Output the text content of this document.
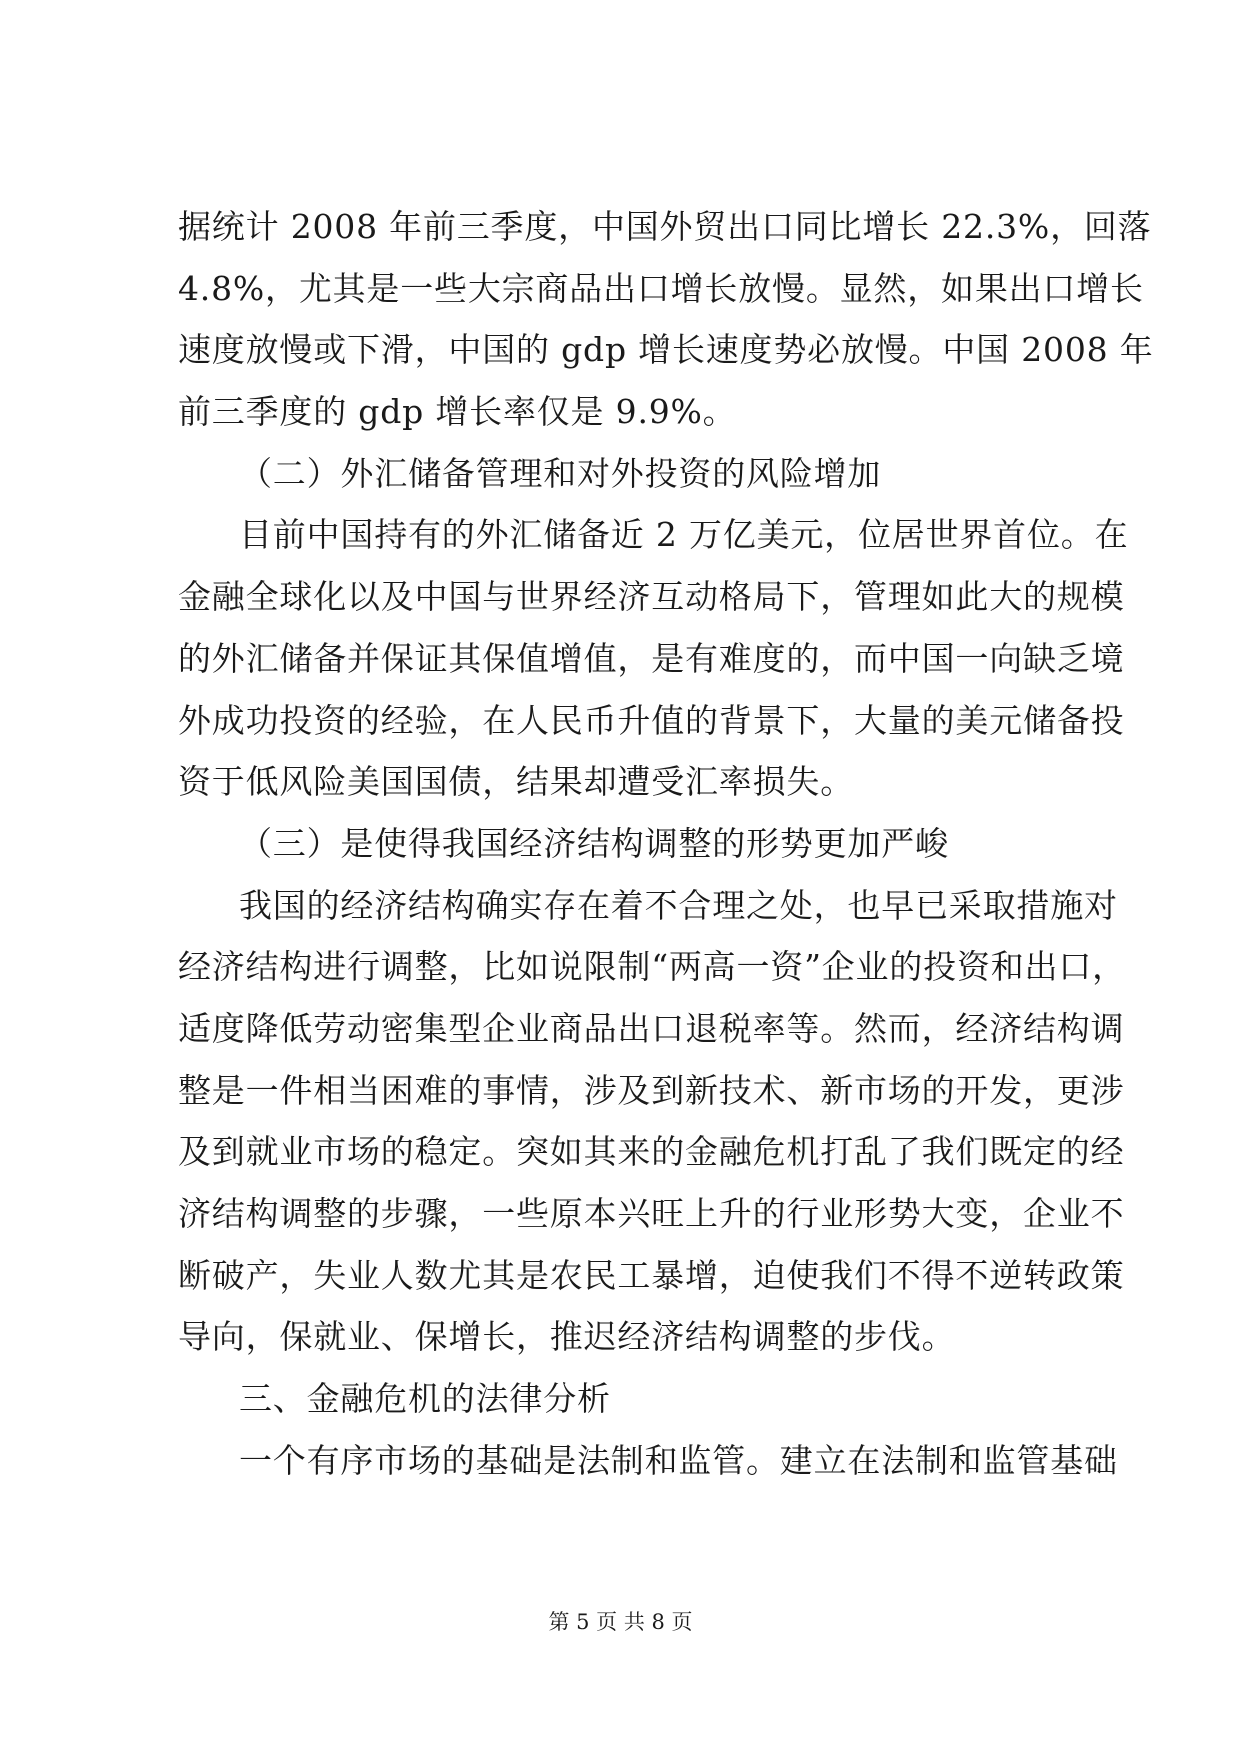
据统计 2008 年前三季度，中国外贸出口同比增长 22.3%，回落
4.8%，尤其是一些大宗商品出口增长放慢。显然，如果出口增长
速度放慢或下滑，中国的 gdp 增长速度势必放慢。中国 2008 年
前三季度的 gdp 增长率仅是 9.9%。
（二）外汇储备管理和对外投资的风险增加
目前中国持有的外汇储备近 2 万亿美元，位居世界首位。在
金融全球化以及中国与世界经济互动格局下，管理如此大的规模
的外汇储备并保证其保值增值，是有难度的，而中国一向缺乏境
外成功投资的经验，在人民币升值的背景下，大量的美元储备投
资于低风险美国国债，结果却遭受汇率损失。
（三）是使得我国经济结构调整的形势更加严峻
我国的经济结构确实存在着不合理之处，也早已采取措施对
经济结构进行调整，比如说限制“两高一资”企业的投资和出口，
适度降低劳动密集型企业商品出口退税率等。然而，经济结构调
整是一件相当困难的事情，涉及到新技术、新市场的开发，更涉
及到就业市场的稳定。突如其来的金融危机打乱了我们既定的经
济结构调整的步骤，一些原本兴旺上升的行业形势大变，企业不
断破产，失业人数尤其是农民工暴增，迫使我们不得不逆转政策
导向，保就业、保增长，推迟经济结构调整的步伐。
三、金融危机的法律分析
一个有序市场的基础是法制和监管。建立在法制和监管基础
第 5 页 共 8 页
